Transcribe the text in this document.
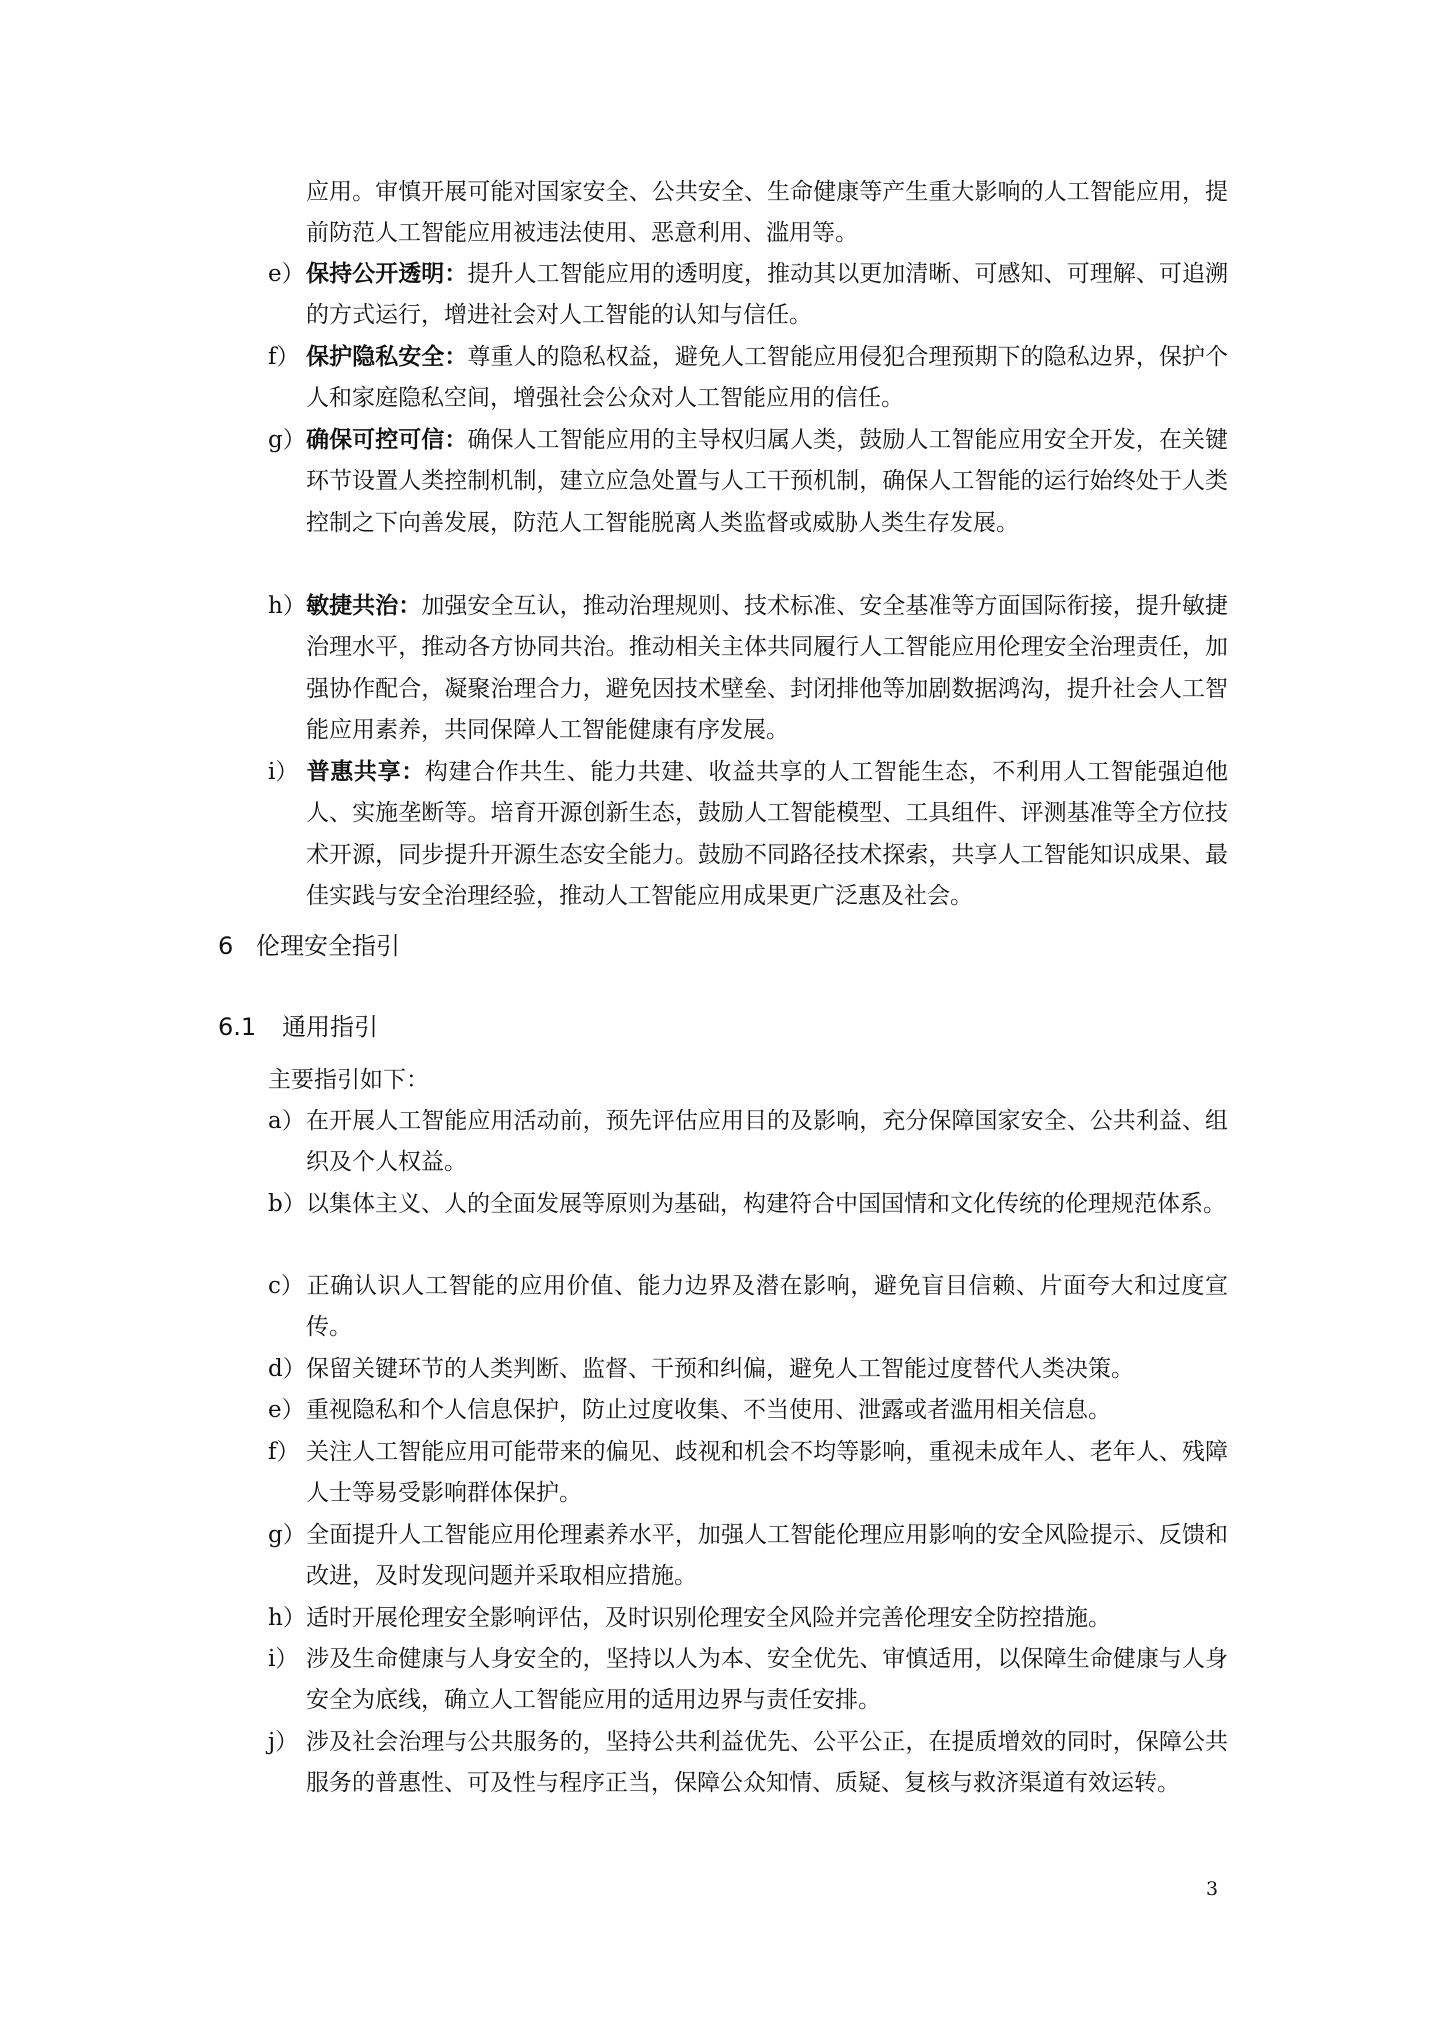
应用。审慎开展可能对国家安全、公共安全、生命健康等产生重大影响的人工智能应用，提前防范人工智能应用被违法使用、恶意利用、滥用等。
e）保持公开透明：提升人工智能应用的透明度，推动其以更加清晰、可感知、可理解、可追溯的方式运行，增进社会对人工智能的认知与信任。
f） 保护隐私安全：尊重人的隐私权益，避免人工智能应用侵犯合理预期下的隐私边界，保护个人和家庭隐私空间，增强社会公众对人工智能应用的信任。
g）确保可控可信：确保人工智能应用的主导权归属人类，鼓励人工智能应用安全开发，在关键环节设置人类控制机制，建立应急处置与人工干预机制，确保人工智能的运行始终处于人类控制之下向善发展，防范人工智能脱离人类监督或威胁人类生存发展。
h）敏捷共治：加强安全互认，推动治理规则、技术标准、安全基准等方面国际衔接，提升敏捷治理水平，推动各方协同共治。推动相关主体共同履行人工智能应用伦理安全治理责任，加强协作配合，凝聚治理合力，避免因技术壁垒、封闭排他等加剧数据鸿沟，提升社会人工智能应用素养，共同保障人工智能健康有序发展。
i） 普惠共享：构建合作共生、能力共建、收益共享的人工智能生态，不利用人工智能强迫他人、实施垄断等。培育开源创新生态，鼓励人工智能模型、工具组件、评测基准等全方位技术开源，同步提升开源生态安全能力。鼓励不同路径技术探索，共享人工智能知识成果、最佳实践与安全治理经验，推动人工智能应用成果更广泛惠及社会。
6 伦理安全指引
6.1 通用指引
主要指引如下：
a）在开展人工智能应用活动前，预先评估应用目的及影响，充分保障国家安全、公共利益、组织及个人权益。
b）以集体主义、人的全面发展等原则为基础，构建符合中国国情和文化传统的伦理规范体系。
c）正确认识人工智能的应用价值、能力边界及潜在影响，避免盲目信赖、片面夸大和过度宣传。
d）保留关键环节的人类判断、监督、干预和纠偏，避免人工智能过度替代人类决策。
e）重视隐私和个人信息保护，防止过度收集、不当使用、泄露或者滥用相关信息。
f） 关注人工智能应用可能带来的偏见、歧视和机会不均等影响，重视未成年人、老年人、残障人士等易受影响群体保护。
g）全面提升人工智能应用伦理素养水平，加强人工智能伦理应用影响的安全风险提示、反馈和改进，及时发现问题并采取相应措施。
h）适时开展伦理安全影响评估，及时识别伦理安全风险并完善伦理安全防控措施。
i） 涉及生命健康与人身安全的，坚持以人为本、安全优先、审慎适用，以保障生命健康与人身安全为底线，确立人工智能应用的适用边界与责任安排。
j） 涉及社会治理与公共服务的，坚持公共利益优先、公平公正，在提质增效的同时，保障公共服务的普惠性、可及性与程序正当，保障公众知情、质疑、复核与救济渠道有效运转。
3
